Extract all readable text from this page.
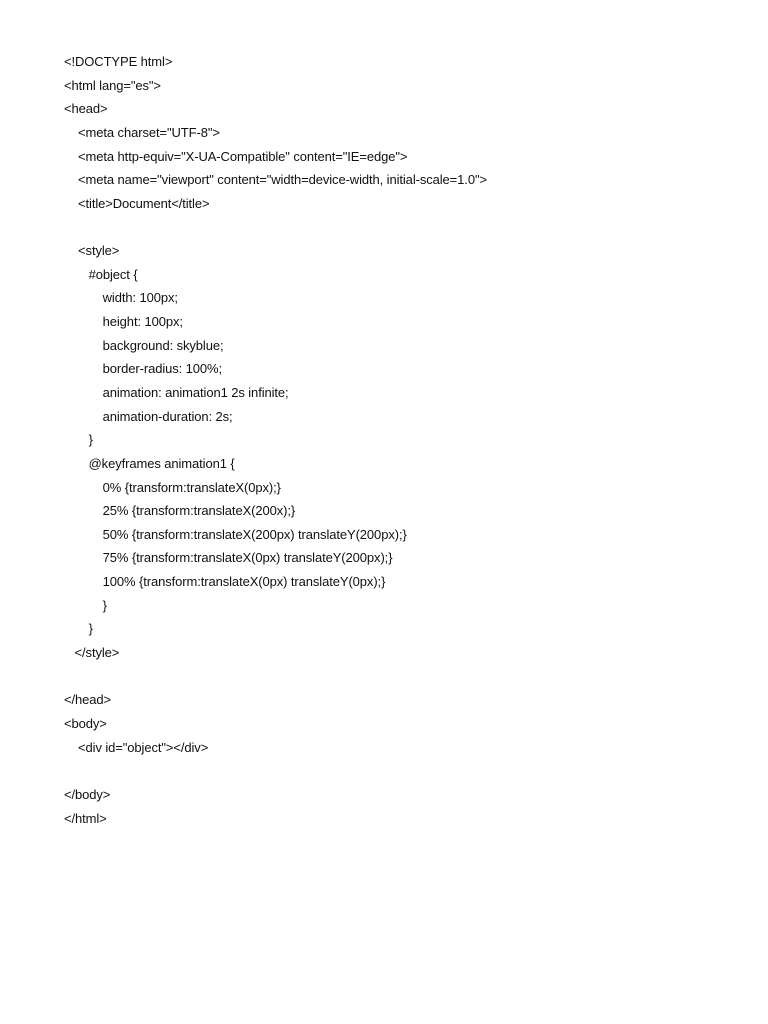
<!DOCTYPE html>
<html lang="es">
<head>
<meta charset="UTF-8">
<meta http-equiv="X-UA-Compatible" content="IE=edge">
<meta name="viewport" content="width=device-width, initial-scale=1.0">
<title>Document</title>
<style>
#object {
width: 100px;
height: 100px;
background: skyblue;
border-radius: 100%;
animation: animation1 2s infinite;
animation-duration: 2s;
}
@keyframes animation1 {
0% {transform:translateX(0px);}
25% {transform:translateX(200x);}
50% {transform:translateX(200px) translateY(200px);}
75% {transform:translateX(0px) translateY(200px);}
100% {transform:translateX(0px) translateY(0px);}
}
}
</style>
</head>
<body>
<div id="object"></div>
</body>
</html>
